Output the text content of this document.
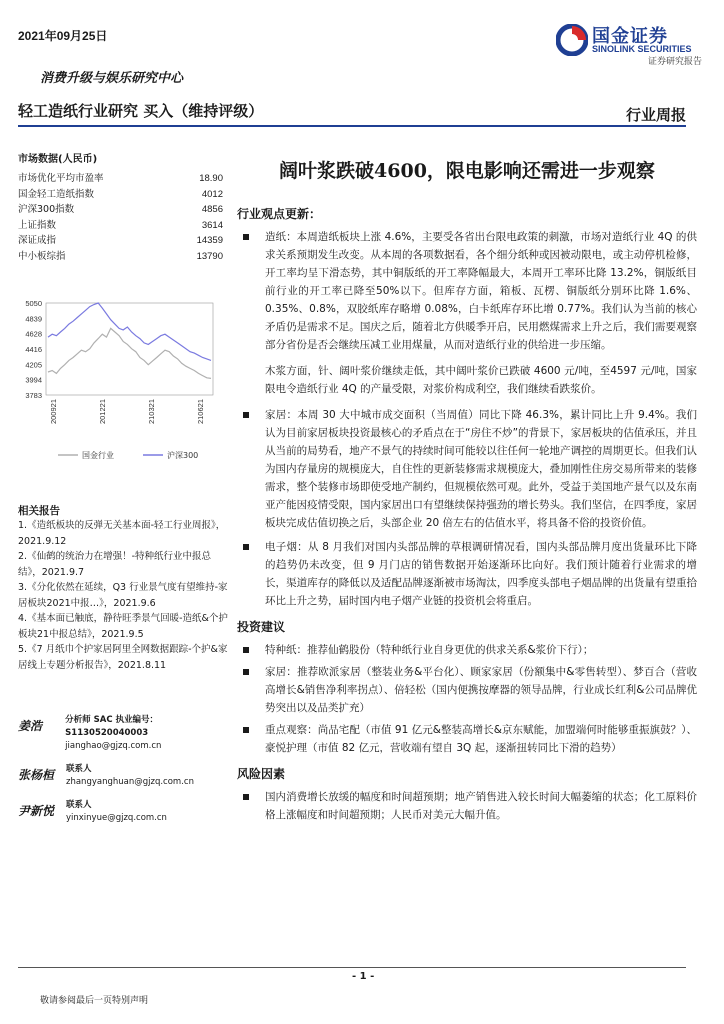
2021年09月25日	国金证券
SINOLINK SECURITIES
证券研究报告
消费升级与娱乐研究中心
轻工造纸行业研究 买入（维持评级）	行业周报
市场数据(人民币)
市场优化平均市盈率	18.90
国金轻工造纸指数	4012
沪深300指数	4856
上证指数	3614
深证成指	14359
中小板综指	13790
5050
4839
4628
4416
4205
3994
3783
200921	201221	210321	210621
国金行业	沪深300
相关报告
1.《造纸板块的反弹无关基本面-轻工行业周报》，2021.9.12
2.《仙鹤的统治力在增强！-特种纸行业中报总结》，2021.9.7
3.《分化依然在延续，Q3 行业景气度有望维持-家居板块2021中报…》，2021.9.6
4.《基本面已触底，静待旺季景气回暖-造纸&个护板块21中报总结》，2021.9.5
5.《7 月纸巾个护家居阿里全网数据跟踪-个护&家居线上专题分析报告》，2021.8.11
姜浩	分析师 SAC 执业编号：S1130520040003
jianghao@gjzq.com.cn
张杨桓	联系人
zhangyanghuan@gjzq.com.cn
尹新悦	联系人
yinxinyue@gjzq.com.cn
阔叶浆跌破4600，限电影响还需进一步观察
行业观点更新：
造纸：本周造纸板块上涨 4.6%，主要受各省出台限电政策的刺激，市场对造纸行业 4Q 的供求关系预期发生改变。从本周的各项数据看，各个细分纸种或因被动限电，或主动停机检修，开工率均呈下滑态势，其中铜版纸的开工率降幅最大，本周开工率环比降 13.2%，铜版纸目前行业的开工率已降至50%以下。但库存方面，箱板、瓦楞、铜版纸分别环比降 1.6%、0.35%、0.8%，双胶纸库存略增 0.08%，白卡纸库存环比增 0.77%。我们认为当前的核心矛盾仍是需求不足。国庆之后，随着北方供暖季开启，民用燃煤需求上升之后，我们需要观察部分省份是否会继续压减工业用煤量，从而对造纸行业的供给进一步压缩。
木浆方面，针、阔叶浆价继续走低，其中阔叶浆价已跌破 4600 元/吨，至4597 元/吨，国家限电令造纸行业 4Q 的产量受限，对浆价构成利空，我们继续看跌浆价。
家居：本周 30 大中城市成交面积（当周值）同比下降 46.3%，累计同比上升 9.4%。我们认为目前家居板块投资最核心的矛盾点在于“房住不炒”的背景下，家居板块的估值承压，并且从当前的局势看，地产不景气的持续时间可能较以往任何一轮地产调控的周期更长。但我们认为国内存量房的规模庞大，自住性的更新装修需求规模庞大，叠加刚性住房交易所带来的装修需求，整个装修市场即使受地产制约，但规模依然可观。此外，受益于美国地产景气以及东南亚产能因疫情受限，国内家居出口有望继续保持强劲的增长势头。我们坚信，在四季度，家居板块完成估值切换之后，头部企业 20 倍左右的估值水平，将具备不俗的投资价值。
电子烟：从 8 月我们对国内头部品牌的草根调研情况看，国内头部品牌月度出货量环比下降的趋势仍未改变，但 9 月门店的销售数据开始逐渐环比向好。我们预计随着行业需求的增长，渠道库存的降低以及适配品牌逐渐被市场淘汰，四季度头部电子烟品牌的出货量有望重拾环比上升之势，届时国内电子烟产业链的投资机会将重启。
投资建议
特种纸：推荐仙鹤股份（特种纸行业自身更优的供求关系&浆价下行）；
家居：推荐欧派家居（整装业务&平台化）、顾家家居（份额集中&零售转型）、梦百合（营收高增长&销售净利率拐点）、倍轻松（国内便携按摩器的领导品牌，行业成长红利&公司品牌优势突出以及品类扩充）
重点观察：尚品宅配（市值 91 亿元&整装高增长&京东赋能，加盟端何时能够重振旗鼓？）、豪悦护理（市值 82 亿元，营收端有望自 3Q 起，逐渐扭转同比下滑的趋势）
风险因素
国内消费增长放缓的幅度和时间超预期；地产销售进入较长时间大幅萎缩的状态；化工原料价格上涨幅度和时间超预期；人民币对美元大幅升值。
- 1 -
敬请参阅最后一页特别声明
